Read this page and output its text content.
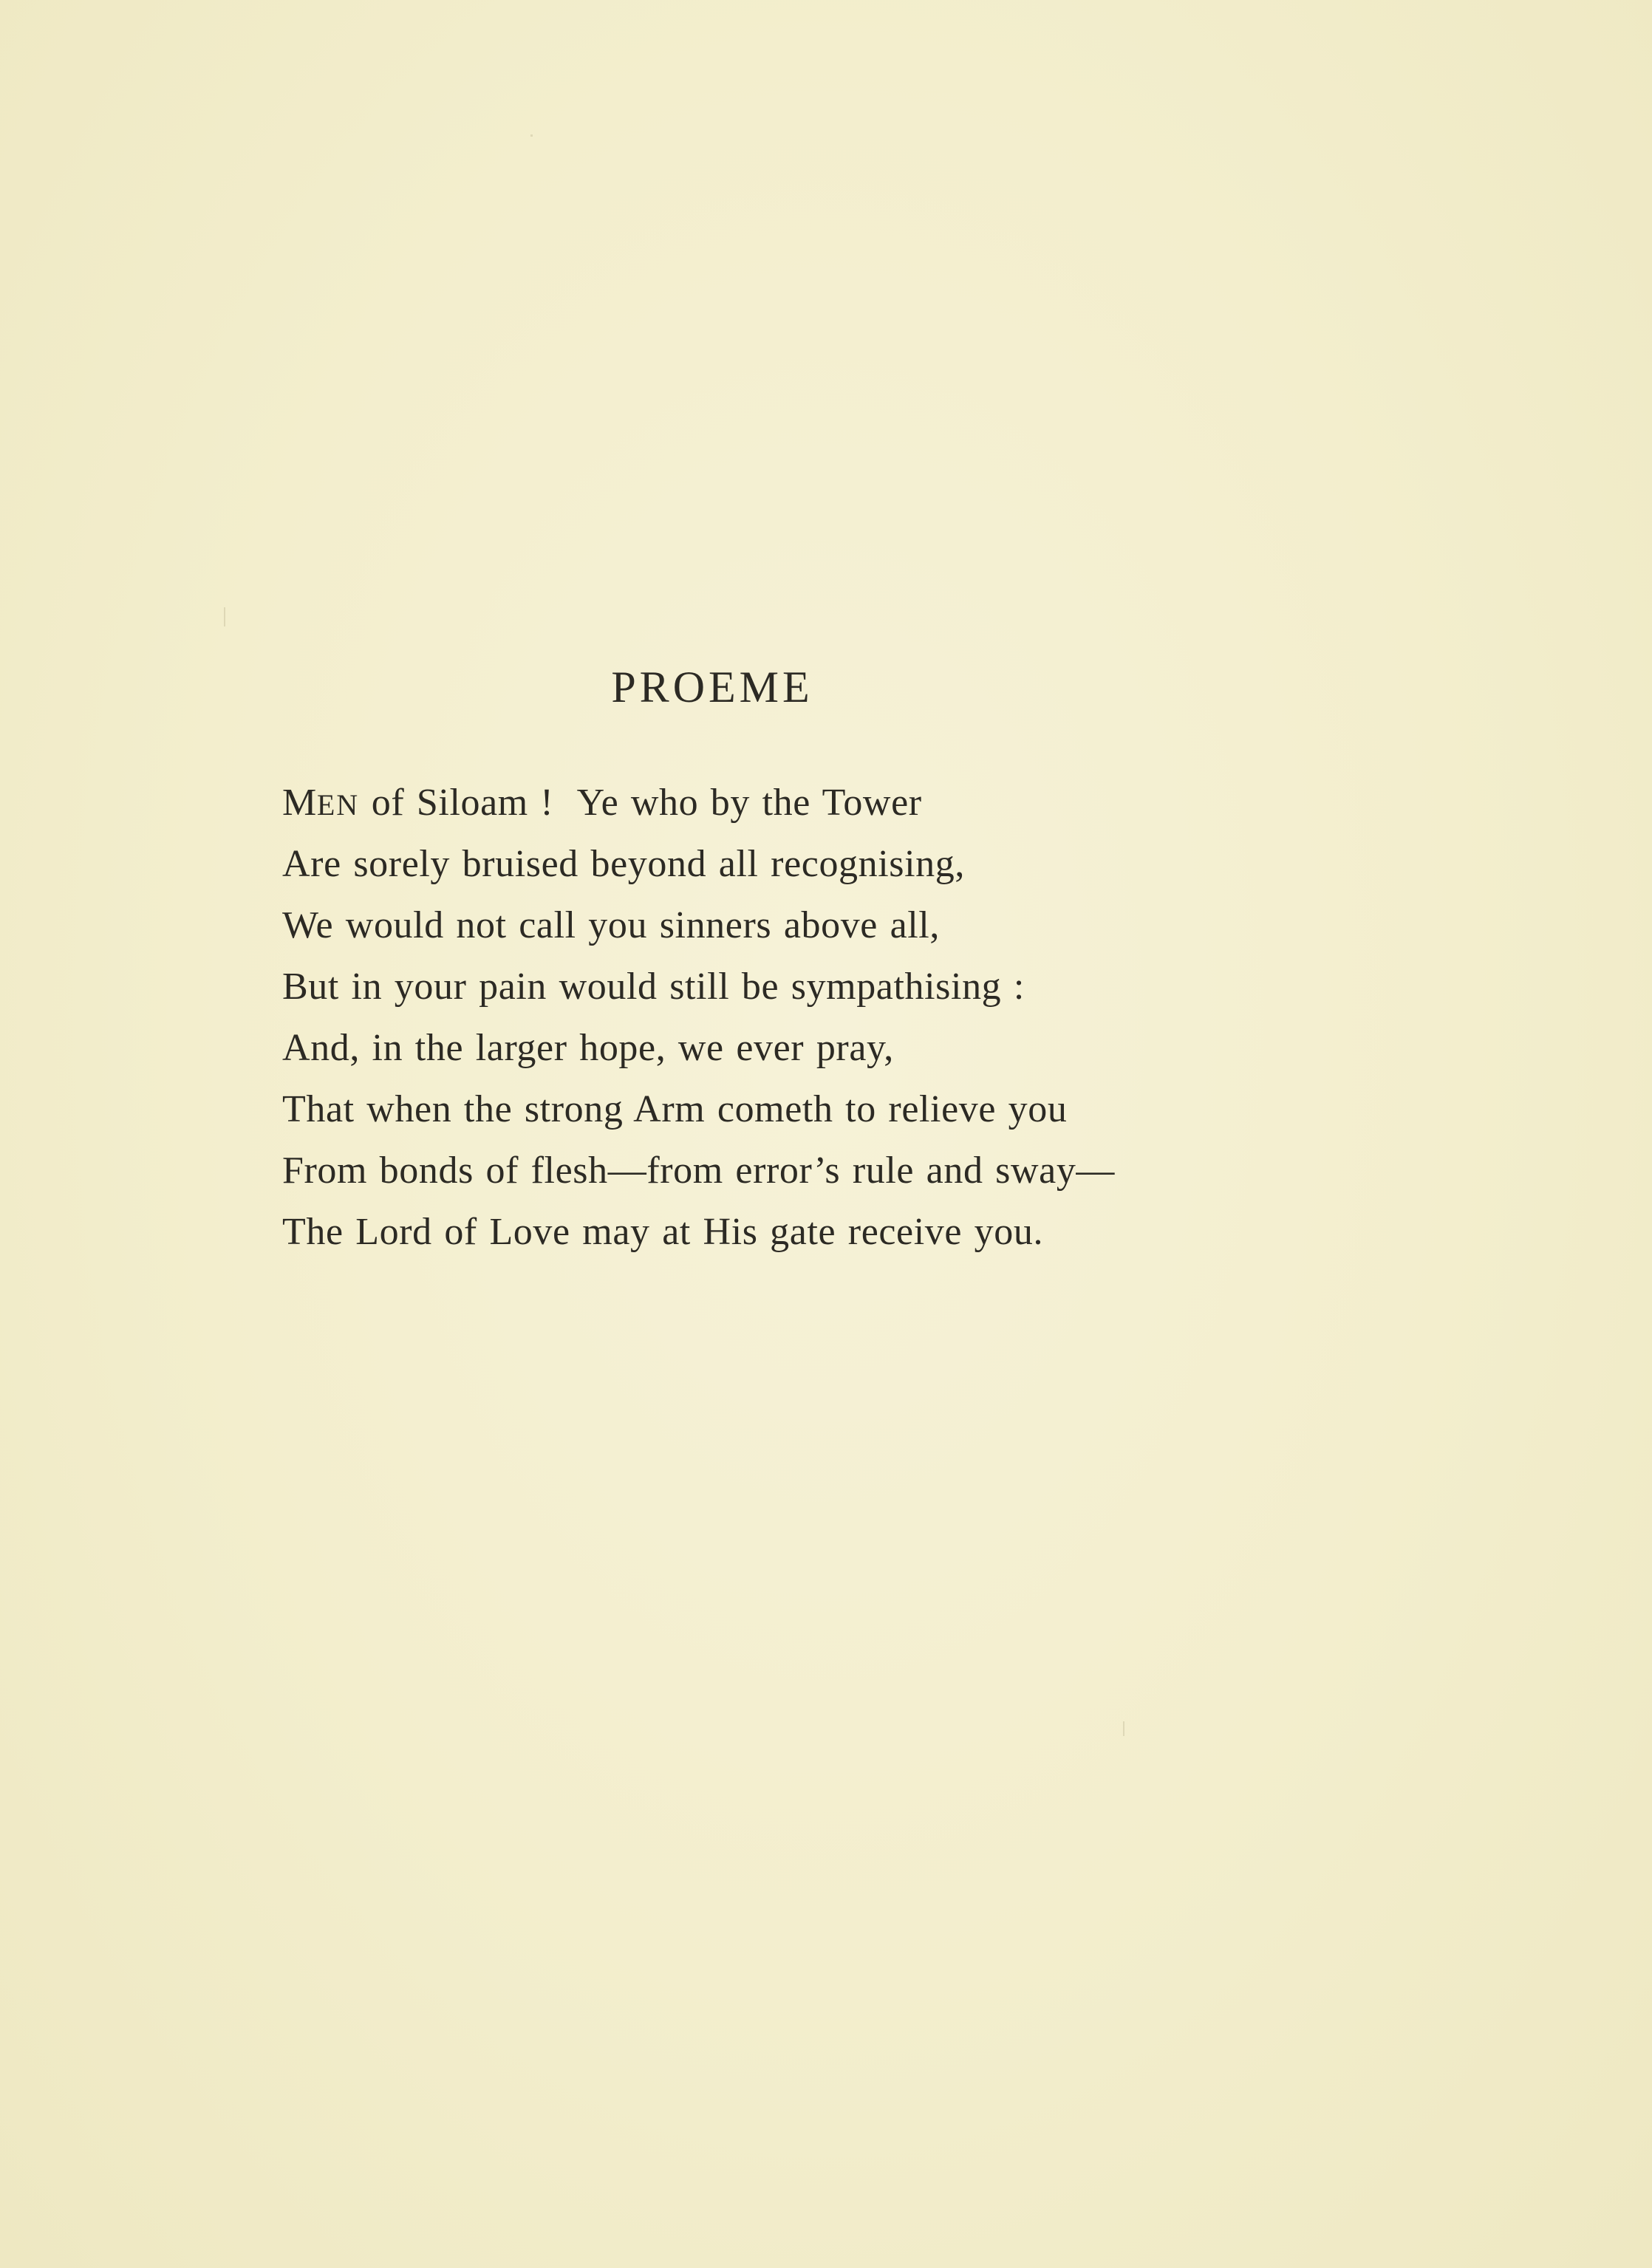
PROEME
MEN of Siloam !  Ye who by the Tower
Are sorely bruised beyond all recognising,
We would not call you sinners above all,
But in your pain would still be sympathising :
And, in the larger hope, we ever pray,
That when the strong Arm cometh to relieve you
From bonds of flesh—from error’s rule and sway—
The Lord of Love may at His gate receive you.
